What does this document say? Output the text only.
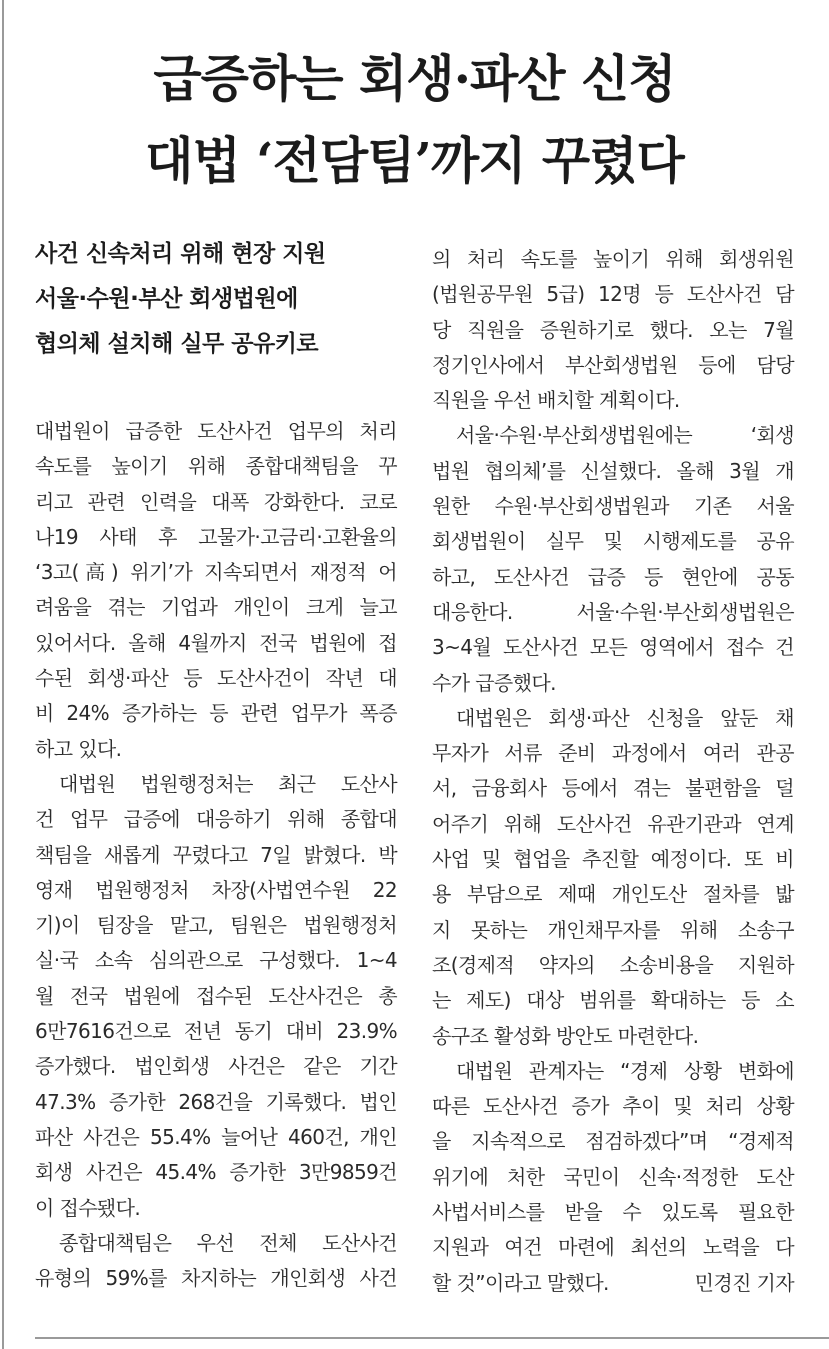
급증하는 회생·파산 신청
대법 ‘전담팀’까지 꾸렸다
사건 신속처리 위해 현장 지원
서울·수원·부산 회생법원에
협의체 설치해 실무 공유키로
대법원이 급증한 도산사건 업무의 처리
속도를 높이기 위해 종합대책팀을 꾸
리고 관련 인력을 대폭 강화한다. 코로
나19 사태 후 고물가·고금리·고환율의
‘3고(高) 위기’가 지속되면서 재정적 어
려움을 겪는 기업과 개인이 크게 늘고
있어서다. 올해 4월까지 전국 법원에 접
수된 회생·파산 등 도산사건이 작년 대
비 24% 증가하는 등 관련 업무가 폭증
하고 있다.
대법원 법원행정처는 최근 도산사
건 업무 급증에 대응하기 위해 종합대
책팀을 새롭게 꾸렸다고 7일 밝혔다. 박
영재 법원행정처 차장(사법연수원 22
기)이 팀장을 맡고, 팀원은 법원행정처
실·국 소속 심의관으로 구성했다. 1~4
월 전국 법원에 접수된 도산사건은 총
6만7616건으로 전년 동기 대비 23.9%
증가했다. 법인회생 사건은 같은 기간
47.3% 증가한 268건을 기록했다. 법인
파산 사건은 55.4% 늘어난 460건, 개인
회생 사건은 45.4% 증가한 3만9859건
이 접수됐다.
종합대책팀은 우선 전체 도산사건
유형의 59%를 차지하는 개인회생 사건
의 처리 속도를 높이기 위해 회생위원
(법원공무원 5급) 12명 등 도산사건 담
당 직원을 증원하기로 했다. 오는 7월
정기인사에서 부산회생법원 등에 담당
직원을 우선 배치할 계획이다.
서울·수원·부산회생법원에는 ‘회생
법원 협의체’를 신설했다. 올해 3월 개
원한 수원·부산회생법원과 기존 서울
회생법원이 실무 및 시행제도를 공유
하고, 도산사건 급증 등 현안에 공동
대응한다. 서울·수원·부산회생법원은
3~4월 도산사건 모든 영역에서 접수 건
수가 급증했다.
대법원은 회생·파산 신청을 앞둔 채
무자가 서류 준비 과정에서 여러 관공
서, 금융회사 등에서 겪는 불편함을 덜
어주기 위해 도산사건 유관기관과 연계
사업 및 협업을 추진할 예정이다. 또 비
용 부담으로 제때 개인도산 절차를 밟
지 못하는 개인채무자를 위해 소송구
조(경제적 약자의 소송비용을 지원하
는 제도) 대상 범위를 확대하는 등 소
송구조 활성화 방안도 마련한다.
대법원 관계자는 “경제 상황 변화에
따른 도산사건 증가 추이 및 처리 상황
을 지속적으로 점검하겠다”며 “경제적
위기에 처한 국민이 신속·적정한 도산
사법서비스를 받을 수 있도록 필요한
지원과 여건 마련에 최선의 노력을 다
할 것”이라고 말했다.	민경진 기자
